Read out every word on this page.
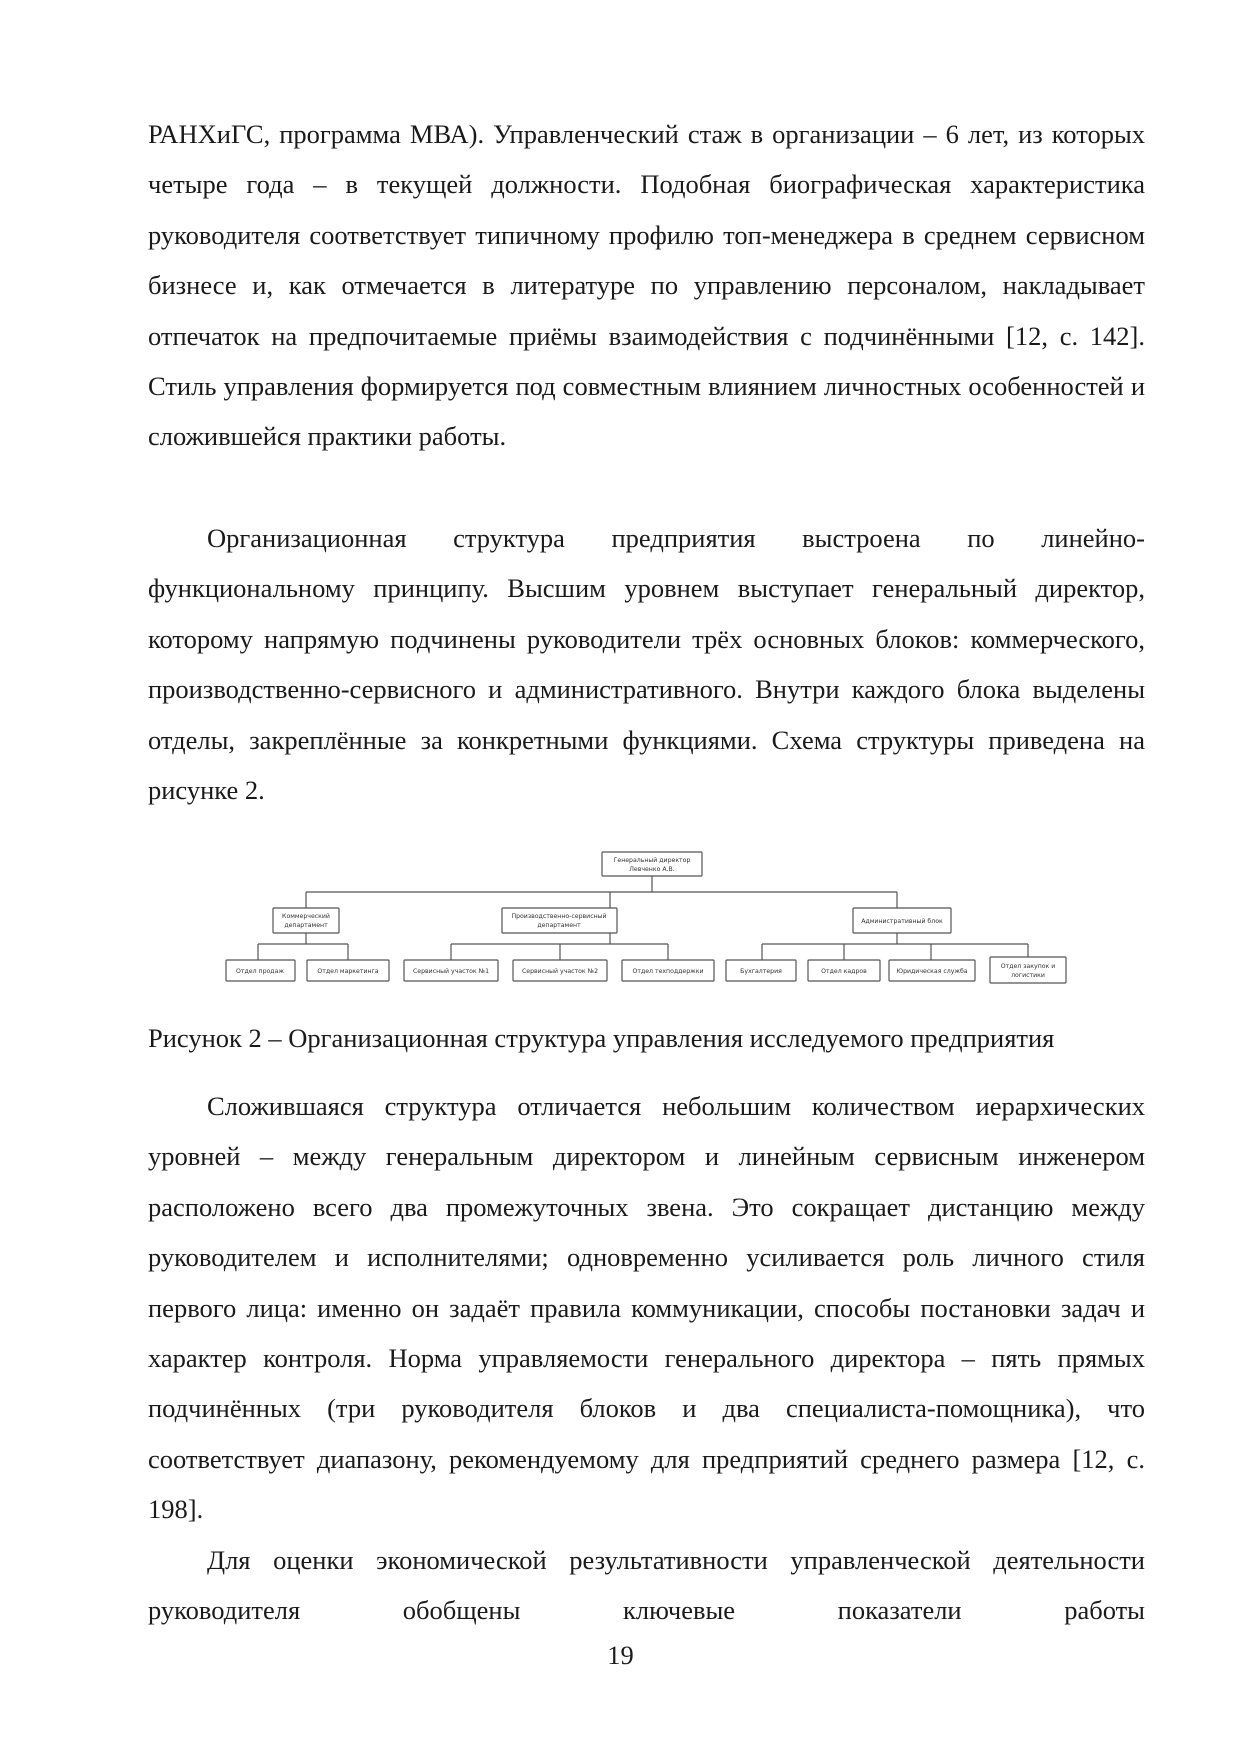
РАНХиГС, программа МВА). Управленческий стаж в организации – 6 лет, из которых четыре года – в текущей должности. Подобная биографическая характеристика руководителя соответствует типичному профилю топ-менеджера в среднем сервисном бизнесе и, как отмечается в литературе по управлению персоналом, накладывает отпечаток на предпочитаемые приёмы взаимодействия с подчинёнными [12, с. 142]. Стиль управления формируется под совместным влиянием личностных особенностей и сложившейся практики работы.

Организационная структура предприятия выстроена по линейно-функциональному принципу. Высшим уровнем выступает генеральный директор, которому напрямую подчинены руководители трёх основных блоков: коммерческого, производственно-сервисного и административного. Внутри каждого блока выделены отделы, закреплённые за конкретными функциями. Схема структуры приведена на рисунке 2.

Генеральный директор
Левченко А.В.
Коммерческий
департамент
Производственно-сервисный
департамент
Административный блок
Отдел продаж	Отдел маркетинга	Сервисный участок №1	Сервисный участок №2	Отдел техподдержки	Бухгалтерия	Отдел кадров	Юридическая служба
Отдел закупок и
логистики

Рисунок 2 – Организационная структура управления исследуемого предприятия

Сложившаяся структура отличается небольшим количеством иерархических уровней – между генеральным директором и линейным сервисным инженером расположено всего два промежуточных звена. Это сокращает дистанцию между руководителем и исполнителями; одновременно усиливается роль личного стиля первого лица: именно он задаёт правила коммуникации, способы постановки задач и характер контроля. Норма управляемости генерального директора – пять прямых подчинённых (три руководителя блоков и два специалиста-помощника), что соответствует диапазону, рекомендуемому для предприятий среднего размера [12, с. 198].

Для оценки экономической результативности управленческой деятельности руководителя обобщены ключевые показатели работы

19
